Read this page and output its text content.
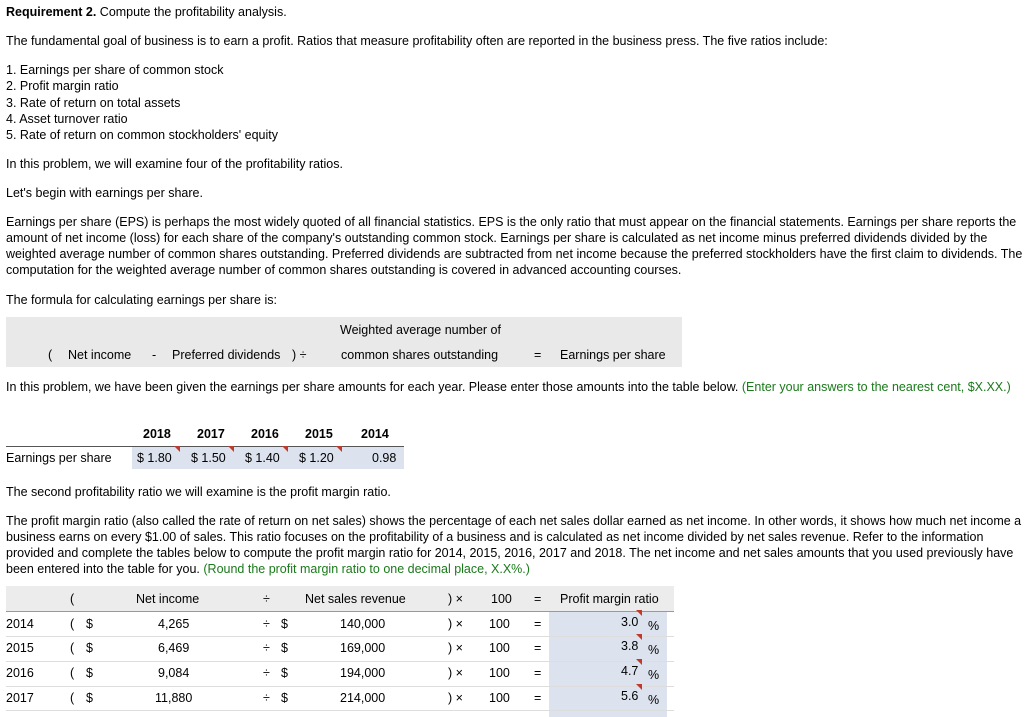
Requirement 2. Compute the profitability analysis.

The fundamental goal of business is to earn a profit. Ratios that measure profitability often are reported in the business press. The five ratios include:

1. Earnings per share of common stock
2. Profit margin ratio
3. Rate of return on total assets
4. Asset turnover ratio
5. Rate of return on common stockholders' equity

In this problem, we will examine four of the profitability ratios.

Let's begin with earnings per share.

Earnings per share (EPS) is perhaps the most widely quoted of all financial statistics. EPS is the only ratio that must appear on the financial statements. Earnings per share reports the amount of net income (loss) for each share of the company's outstanding common stock. Earnings per share is calculated as net income minus preferred dividends divided by the weighted average number of common shares outstanding. Preferred dividends are subtracted from net income because the preferred stockholders have the first claim to dividends. The computation for the weighted average number of common shares outstanding is covered in advanced accounting courses.

The formula for calculating earnings per share is:

( Net income - Preferred dividends ) ÷
Weighted average number of
common shares outstanding	= Earnings per share

In this problem, we have been given the earnings per share amounts for each year. Please enter those amounts into the table below. (Enter your answers to the nearest cent, $X.XX.)

2018 2017 2016 2015 2014
Earnings per share $ 1.80 $ 1.50 $ 1.40 $ 1.20	0.98

The second profitability ratio we will examine is the profit margin ratio.

The profit margin ratio (also called the rate of return on net sales) shows the percentage of each net sales dollar earned as net income. In other words, it shows how much net income a business earns on every $1.00 of sales. This ratio focuses on the profitability of a business and is calculated as net income divided by net sales revenue. Refer to the information provided and complete the tables below to compute the profit margin ratio for 2014, 2015, 2016, 2017 and 2018. The net income and net sales amounts that you used previously have been entered into the table for you. (Round the profit margin ratio to one decimal place, X.X%.)

(	Net income	÷	Net sales revenue	) × 100 = Profit margin ratio
2014	( $	4,265	÷ $	140,000	) × 100 =	3.0 %
2015	( $	6,469	÷ $	169,000	) × 100 =	3.8 %
2016	( $	9,084	÷ $	194,000	) × 100 =	4.7 %
2017	( $	11,880	÷ $	214,000	) × 100 =	5.6 %
